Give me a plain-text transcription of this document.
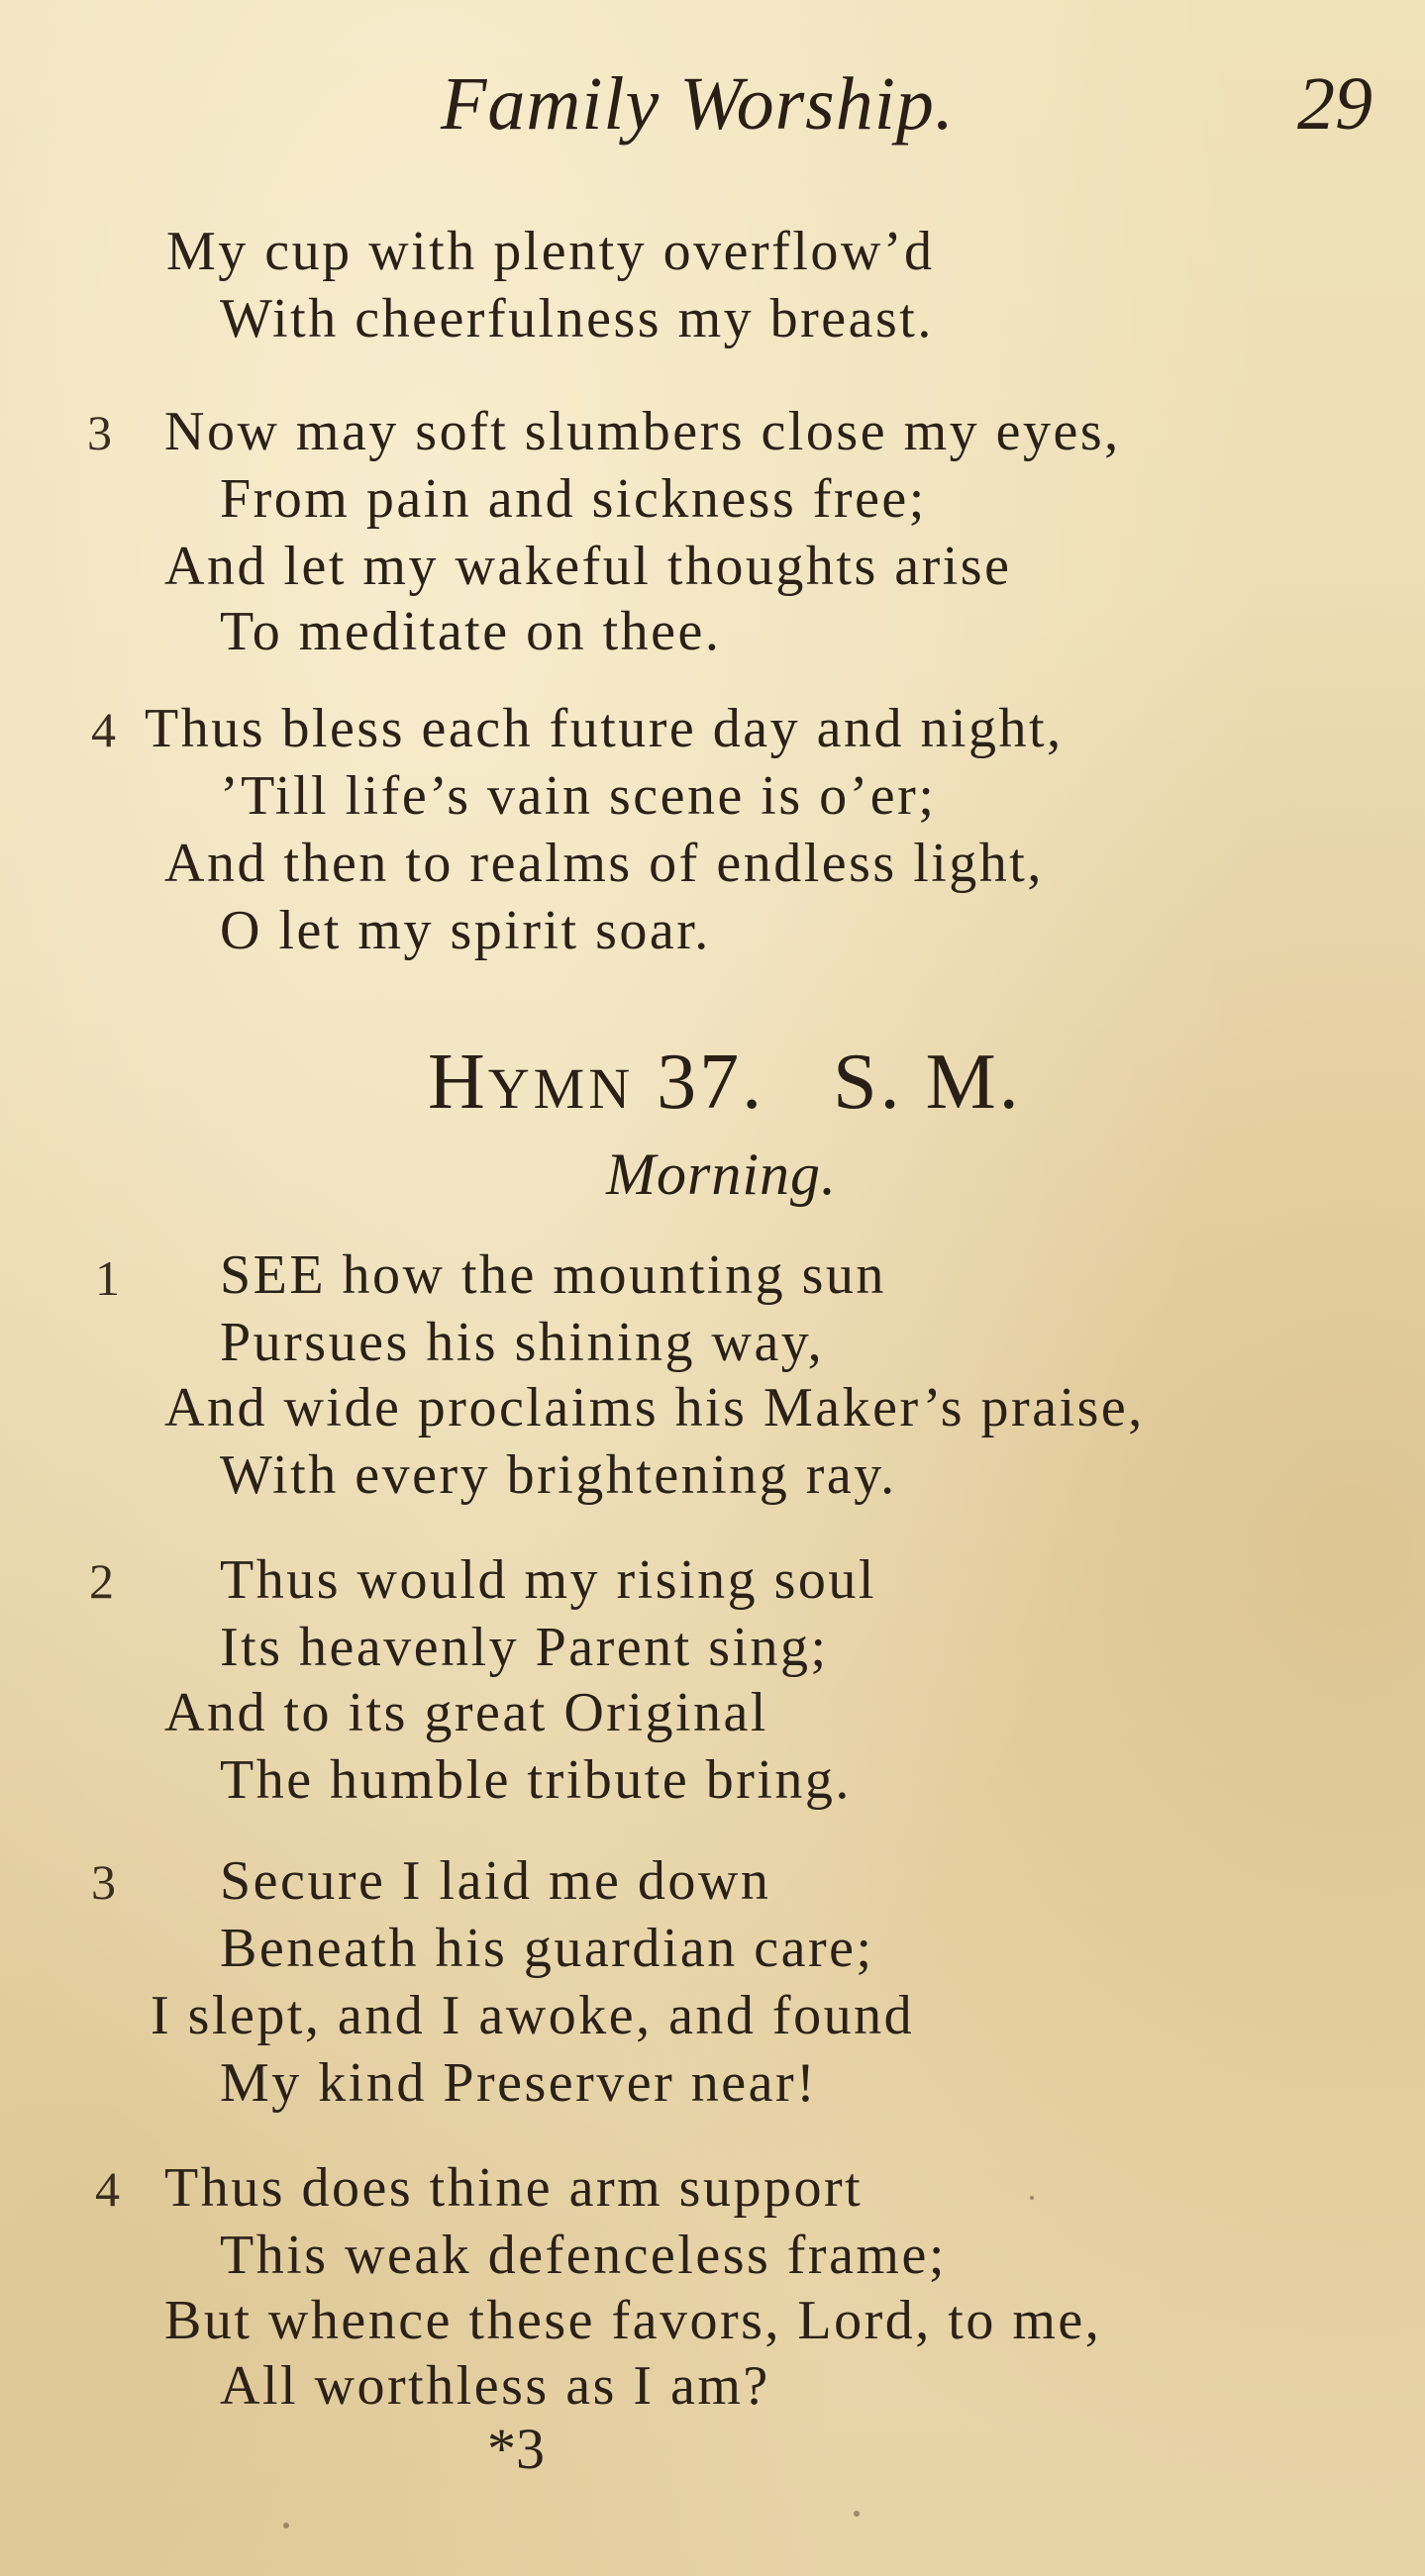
Family Worship.	29
My cup with plenty overflow’d
With cheerfulness my breast.
3 Now may soft slumbers close my eyes,
From pain and sickness free;
And let my wakeful thoughts arise
To meditate on thee.
4 Thus bless each future day and night,
’Till life’s vain scene is o’er;
And then to realms of endless light,
O let my spirit soar.
HYMN 37.   S. M.
Morning.
1 SEE how the mounting sun
Pursues his shining way,
And wide proclaims his Maker’s praise,
With every brightening ray.
2 Thus would my rising soul
Its heavenly Parent sing;
And to its great Original
The humble tribute bring.
3 Secure I laid me down
Beneath his guardian care;
I slept, and I awoke, and found
My kind Preserver near!
4 Thus does thine arm support
This weak defenceless frame;
But whence these favors, Lord, to me,
All worthless as I am?
*3
